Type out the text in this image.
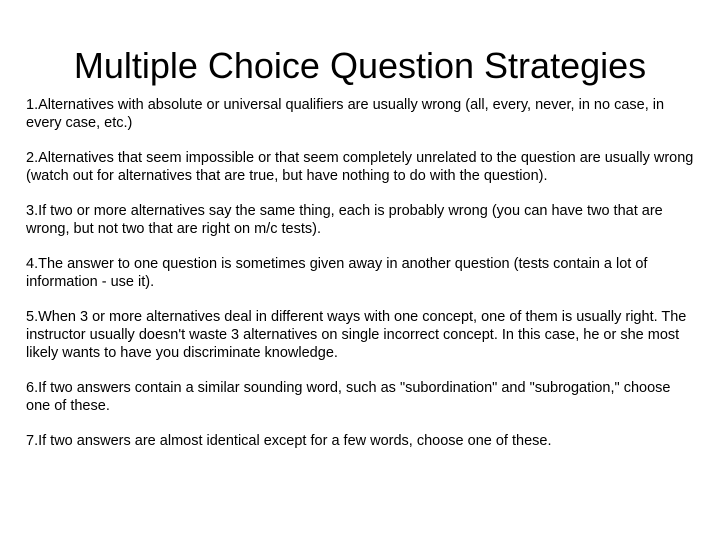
Multiple Choice Question Strategies
1.Alternatives with absolute or universal qualifiers are usually wrong (all, every, never, in no case, in every case, etc.)
2.Alternatives that seem impossible or that seem completely unrelated to the question are usually wrong (watch out for alternatives that are true, but have nothing to do with the question).
3.If two or more alternatives say the same thing, each is probably wrong (you can have two that are wrong, but not two that are right on m/c tests).
4.The answer to one question is sometimes given away in another question (tests contain a lot of information - use it).
5.When 3 or more alternatives deal in different ways with one concept, one of them is usually right. The instructor usually doesn't waste 3 alternatives on single incorrect concept. In this case, he or she most likely wants to have you discriminate knowledge.
6.If two answers contain a similar sounding word, such as "subordination" and "subrogation," choose one of these.
7.If two answers are almost identical except for a few words, choose one of these.
